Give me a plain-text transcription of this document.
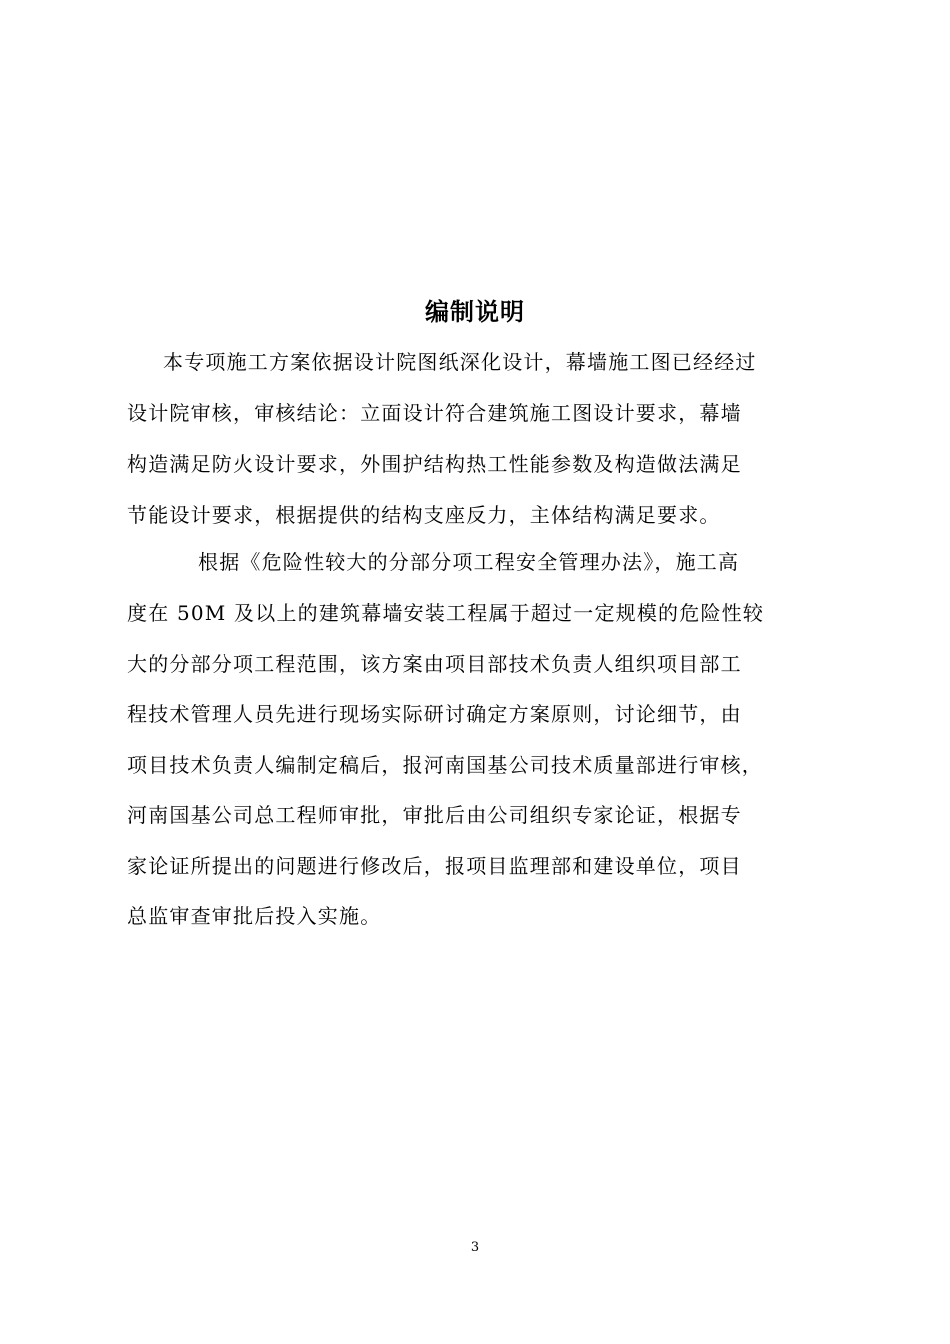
编制说明
本专项施工方案依据设计院图纸深化设计，幕墙施工图已经经过
设计院审核，审核结论：立面设计符合建筑施工图设计要求，幕墙
构造满足防火设计要求，外围护结构热工性能参数及构造做法满足
节能设计要求，根据提供的结构支座反力，主体结构满足要求。
根据《危险性较大的分部分项工程安全管理办法》，施工高
度在 50M 及以上的建筑幕墙安装工程属于超过一定规模的危险性较
大的分部分项工程范围，该方案由项目部技术负责人组织项目部工
程技术管理人员先进行现场实际研讨确定方案原则，讨论细节，由
项目技术负责人编制定稿后，报河南国基公司技术质量部进行审核，
河南国基公司总工程师审批，审批后由公司组织专家论证，根据专
家论证所提出的问题进行修改后，报项目监理部和建设单位，项目
总监审查审批后投入实施。
3
